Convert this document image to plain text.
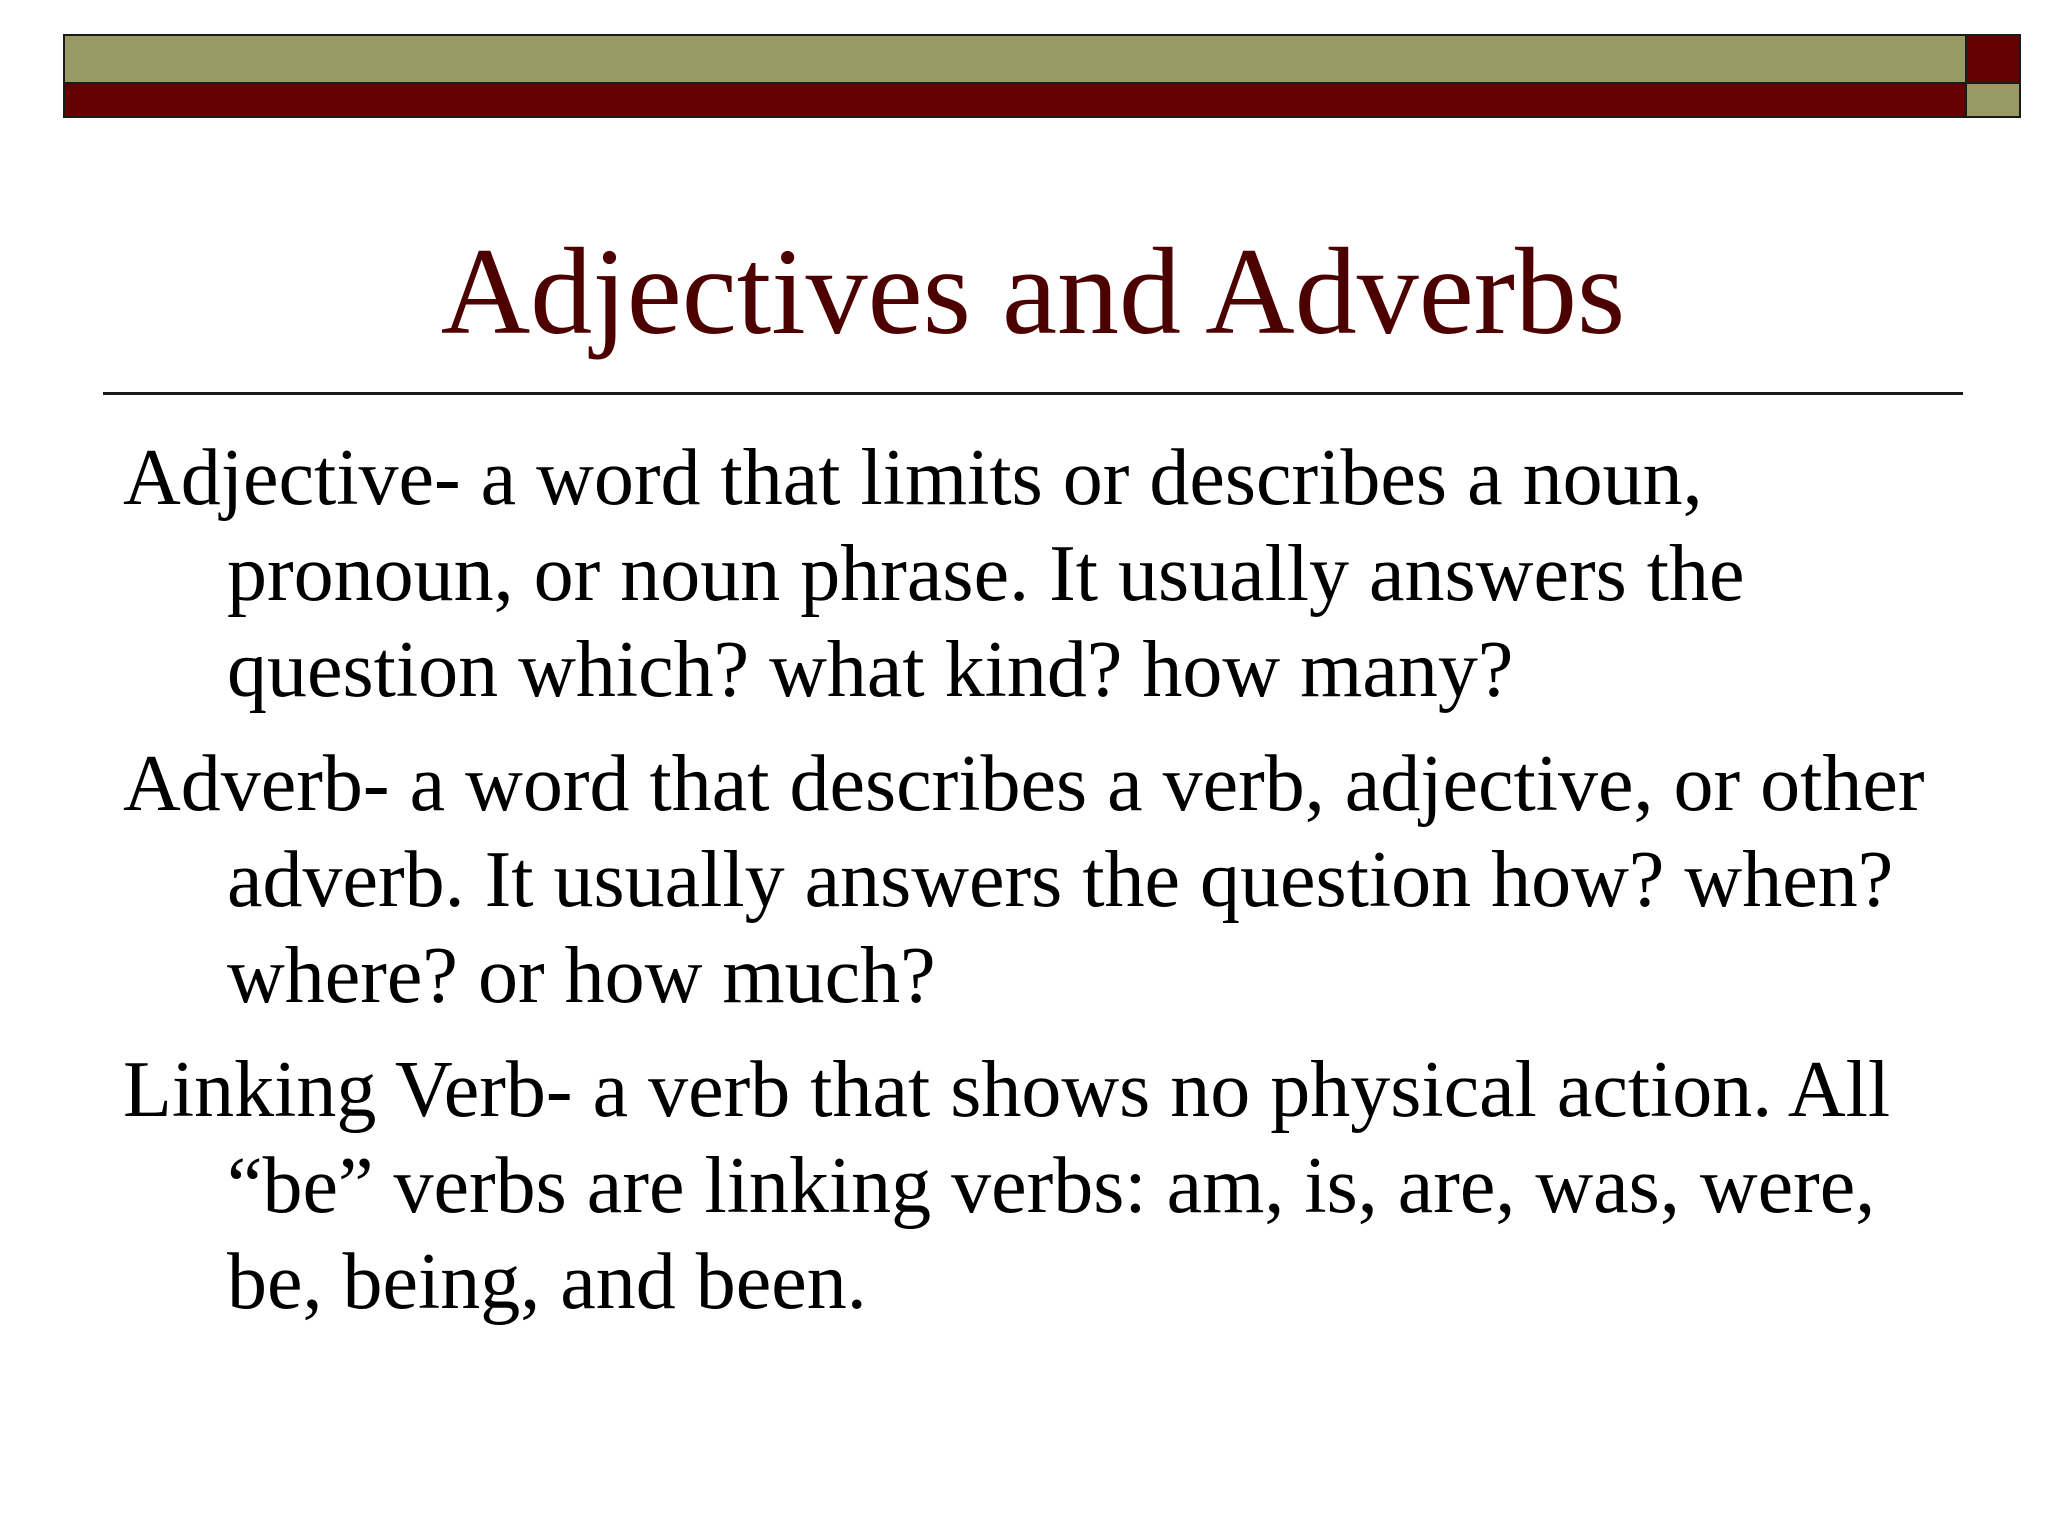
Adjectives and Adverbs

Adjective- a word that limits or describes a noun, pronoun, or noun phrase. It usually answers the question which? what kind? how many?

Adverb- a word that describes a verb, adjective, or other adverb. It usually answers the question how? when? where? or how much?

Linking Verb- a verb that shows no physical action. All “be” verbs are linking verbs: am, is, are, was, were, be, being, and been.
